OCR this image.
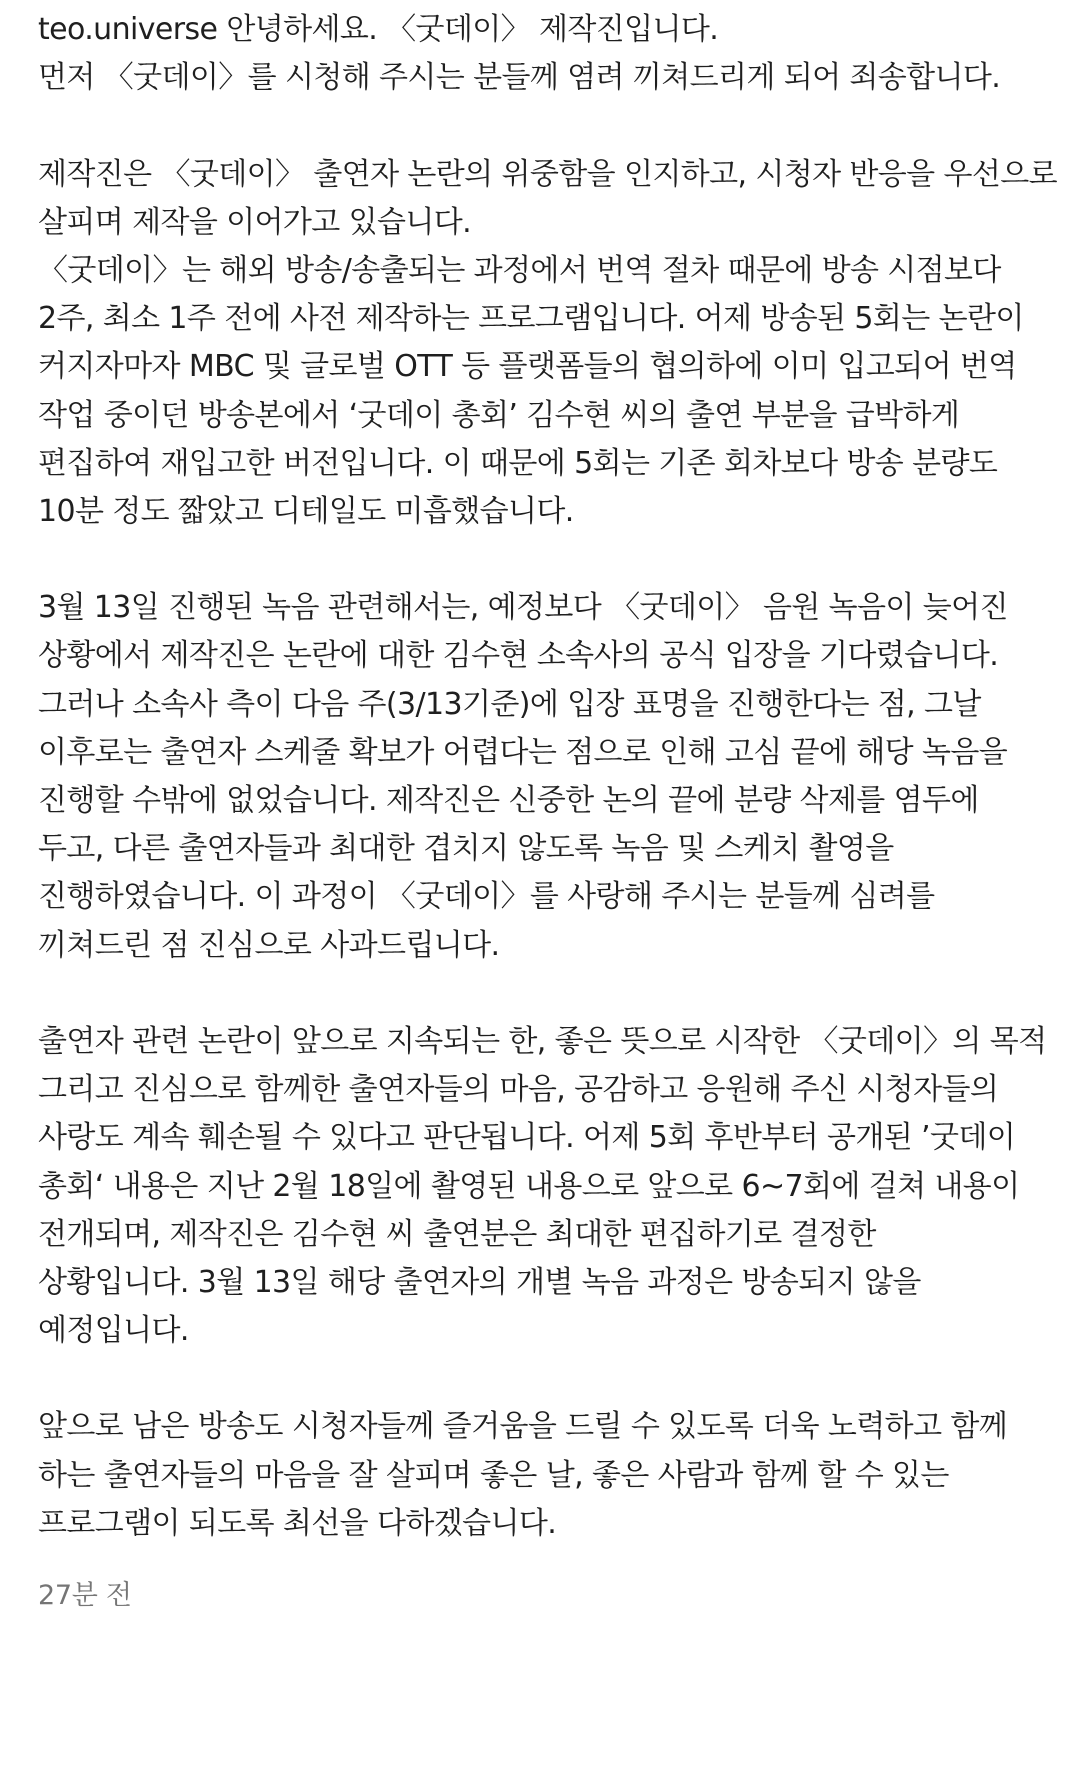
teo.universe 안녕하세요. 〈굿데이〉 제작진입니다.
먼저 〈굿데이〉를 시청해 주시는 분들께 염려 끼쳐드리게 되어 죄송합니다.
제작진은 〈굿데이〉 출연자 논란의 위중함을 인지하고, 시청자 반응을 우선으로
살피며 제작을 이어가고 있습니다.
〈굿데이〉는 해외 방송/송출되는 과정에서 번역 절차 때문에 방송 시점보다
2주, 최소 1주 전에 사전 제작하는 프로그램입니다. 어제 방송된 5회는 논란이
커지자마자 MBC 및 글로벌 OTT 등 플랫폼들의 협의하에 이미 입고되어 번역
작업 중이던 방송본에서 ‘굿데이 총회’ 김수현 씨의 출연 부분을 급박하게
편집하여 재입고한 버전입니다. 이 때문에 5회는 기존 회차보다 방송 분량도
10분 정도 짧았고 디테일도 미흡했습니다.
3월 13일 진행된 녹음 관련해서는, 예정보다 〈굿데이〉 음원 녹음이 늦어진
상황에서 제작진은 논란에 대한 김수현 소속사의 공식 입장을 기다렸습니다.
그러나 소속사 측이 다음 주(3/13기준)에 입장 표명을 진행한다는 점, 그날
이후로는 출연자 스케줄 확보가 어렵다는 점으로 인해 고심 끝에 해당 녹음을
진행할 수밖에 없었습니다. 제작진은 신중한 논의 끝에 분량 삭제를 염두에
두고, 다른 출연자들과 최대한 겹치지 않도록 녹음 및 스케치 촬영을
진행하였습니다. 이 과정이 〈굿데이〉를 사랑해 주시는 분들께 심려를
끼쳐드린 점 진심으로 사과드립니다.
출연자 관련 논란이 앞으로 지속되는 한, 좋은 뜻으로 시작한 〈굿데이〉의 목적
그리고 진심으로 함께한 출연자들의 마음, 공감하고 응원해 주신 시청자들의
사랑도 계속 훼손될 수 있다고 판단됩니다. 어제 5회 후반부터 공개된 ’굿데이
총회‘ 내용은 지난 2월 18일에 촬영된 내용으로 앞으로 6~7회에 걸쳐 내용이
전개되며, 제작진은 김수현 씨 출연분은 최대한 편집하기로 결정한
상황입니다. 3월 13일 해당 출연자의 개별 녹음 과정은 방송되지 않을
예정입니다.
앞으로 남은 방송도 시청자들께 즐거움을 드릴 수 있도록 더욱 노력하고 함께
하는 출연자들의 마음을 잘 살피며 좋은 날, 좋은 사람과 함께 할 수 있는
프로그램이 되도록 최선을 다하겠습니다.
27분 전
